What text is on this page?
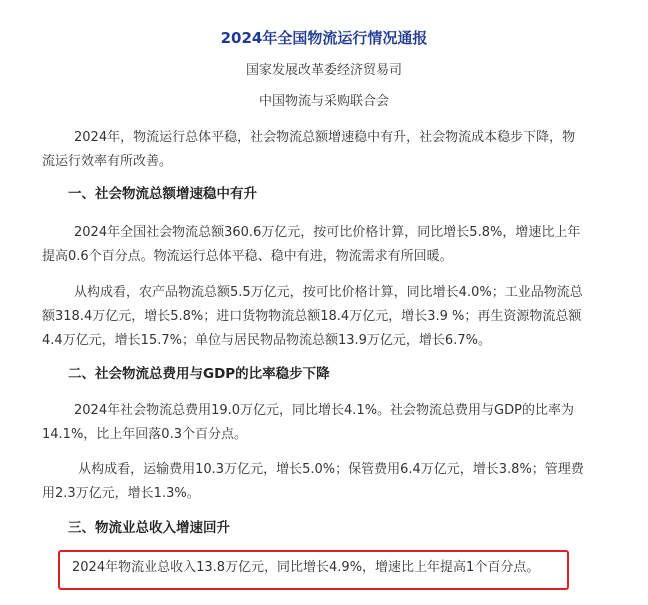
2024年全国物流运行情况通报
国家发展改革委经济贸易司
中国物流与采购联合会
2024年，物流运行总体平稳，社会物流总额增速稳中有升，社会物流成本稳步下降，物
流运行效率有所改善。
一、社会物流总额增速稳中有升
2024年全国社会物流总额360.6万亿元，按可比价格计算，同比增长5.8%，增速比上年
提高0.6个百分点。物流运行总体平稳、稳中有进，物流需求有所回暖。
从构成看，农产品物流总额5.5万亿元，按可比价格计算，同比增长4.0%；工业品物流总
额318.4万亿元，增长5.8%；进口货物物流总额18.4万亿元，增长3.9 %；再生资源物流总额
4.4万亿元，增长15.7%；单位与居民物品物流总额13.9万亿元，增长6.7%。
二、社会物流总费用与GDP的比率稳步下降
2024年社会物流总费用19.0万亿元，同比增长4.1%。社会物流总费用与GDP的比率为
14.1%，比上年回落0.3个百分点。
从构成看，运输费用10.3万亿元，增长5.0%；保管费用6.4万亿元，增长3.8%；管理费
用2.3万亿元，增长1.3%。
三、物流业总收入增速回升
2024年物流业总收入13.8万亿元，同比增长4.9%，增速比上年提高1个百分点。
